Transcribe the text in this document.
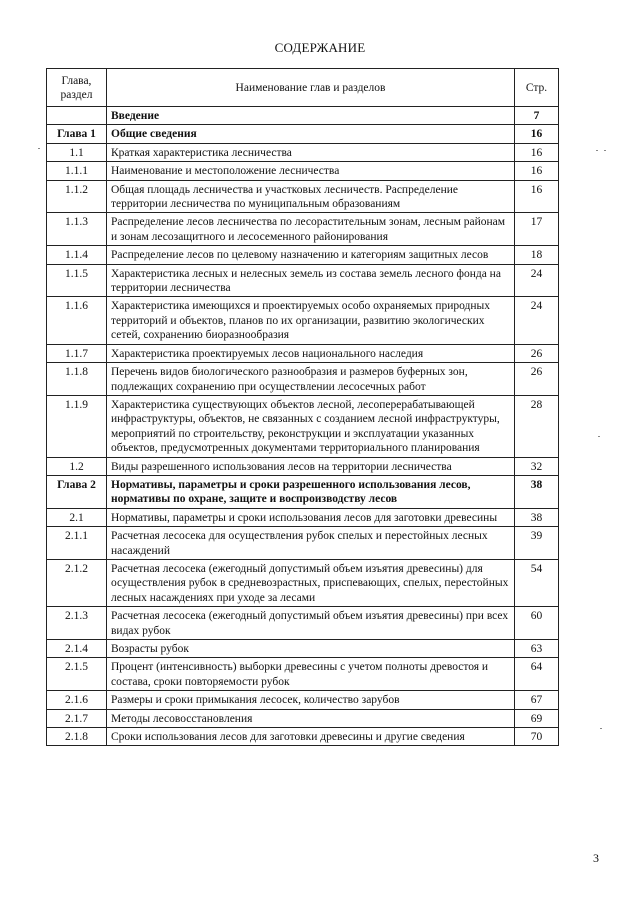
СОДЕРЖАНИЕ
Глава,
раздел	Наименование глав и разделов	Стр.
	Введение	7
Глава 1	Общие сведения	16
1.1	Краткая характеристика лесничества	16
1.1.1	Наименование и местоположение лесничества	16
1.1.2	Общая площадь лесничества и участковых лесничеств. Распределение территории лесничества по муниципальным образованиям	16
1.1.3	Распределение лесов лесничества по лесорастительным зонам, лесным районам и зонам лесозащитного и лесосеменного районирования	17
1.1.4	Распределение лесов по целевому назначению и категориям защитных лесов	18
1.1.5	Характеристика лесных и нелесных земель из состава земель лесного фонда на территории лесничества	24
1.1.6	Характеристика имеющихся и проектируемых особо охраняемых природных территорий и объектов, планов по их организации, развитию экологических сетей, сохранению биоразнообразия	24
1.1.7	Характеристика проектируемых лесов национального наследия	26
1.1.8	Перечень видов биологического разнообразия и размеров буферных зон, подлежащих сохранению при осуществлении лесосечных работ	26
1.1.9	Характеристика существующих объектов лесной, лесоперерабатывающей инфраструктуры, объектов, не связанных с созданием лесной инфраструктуры, мероприятий по строительству, реконструкции и эксплуатации указанных объектов, предусмотренных документами территориального планирования	28
1.2	Виды разрешенного использования лесов на территории лесничества	32
Глава 2	Нормативы, параметры и сроки разрешенного использования лесов, нормативы по охране, защите и воспроизводству лесов	38
2.1	Нормативы, параметры и сроки использования лесов для заготовки древесины	38
2.1.1	Расчетная лесосека для осуществления рубок спелых и перестойных лесных насаждений	39
2.1.2	Расчетная лесосека (ежегодный допустимый объем изъятия древесины) для осуществления рубок в средневозрастных, приспевающих, спелых, перестойных лесных насаждениях при уходе за лесами	54
2.1.3	Расчетная лесосека (ежегодный допустимый объем изъятия древесины) при всех видах рубок	60
2.1.4	Возрасты рубок	63
2.1.5	Процент (интенсивность) выборки древесины с учетом полноты древостоя и состава, сроки повторяемости рубок	64
2.1.6	Размеры и сроки примыкания лесосек, количество зарубов	67
2.1.7	Методы лесовосстановления	69
2.1.8	Сроки использования лесов для заготовки древесины и другие сведения	70
3
